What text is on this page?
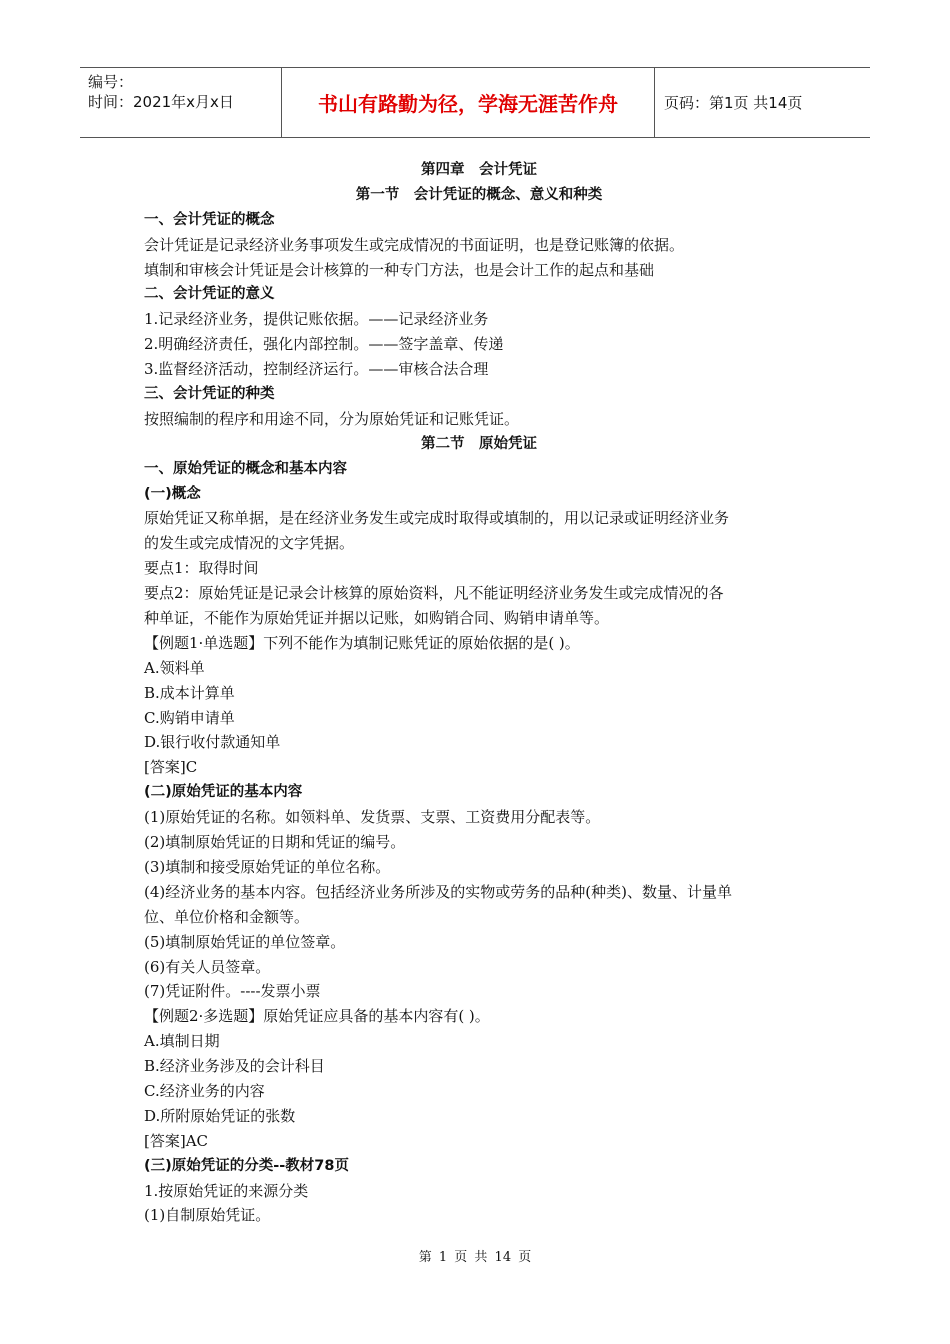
编号：
时间：2021年x月x日	书山有路勤为径，学海无涯苦作舟	页码：第1页 共14页
第四章　会计凭证
第一节　会计凭证的概念、意义和种类
一、会计凭证的概念
会计凭证是记录经济业务事项发生或完成情况的书面证明，也是登记账簿的依据。
填制和审核会计凭证是会计核算的一种专门方法，也是会计工作的起点和基础
二、会计凭证的意义
1.记录经济业务，提供记账依据。——记录经济业务
2.明确经济责任，强化内部控制。——签字盖章、传递
3.监督经济活动，控制经济运行。——审核合法合理
三、会计凭证的种类
按照编制的程序和用途不同，分为原始凭证和记账凭证。
第二节　原始凭证
一、原始凭证的概念和基本内容
(一)概念
原始凭证又称单据，是在经济业务发生或完成时取得或填制的，用以记录或证明经济业务
的发生或完成情况的文字凭据。
要点1：取得时间
要点2：原始凭证是记录会计核算的原始资料，凡不能证明经济业务发生或完成情况的各
种单证，不能作为原始凭证并据以记账，如购销合同、购销申请单等。
【例题1·单选题】下列不能作为填制记账凭证的原始依据的是( )。
A.领料单
B.成本计算单
C.购销申请单
D.银行收付款通知单
[答案]C
(二)原始凭证的基本内容
(1)原始凭证的名称。如领料单、发货票、支票、工资费用分配表等。
(2)填制原始凭证的日期和凭证的编号。
(3)填制和接受原始凭证的单位名称。
(4)经济业务的基本内容。包括经济业务所涉及的实物或劳务的品种(种类)、数量、计量单
位、单位价格和金额等。
(5)填制原始凭证的单位签章。
(6)有关人员签章。
(7)凭证附件。----发票小票
【例题2·多选题】原始凭证应具备的基本内容有( )。
A.填制日期
B.经济业务涉及的会计科目
C.经济业务的内容
D.所附原始凭证的张数
[答案]AC
(三)原始凭证的分类--教材78页
1.按原始凭证的来源分类
(1)自制原始凭证。
第 1 页 共 14 页
